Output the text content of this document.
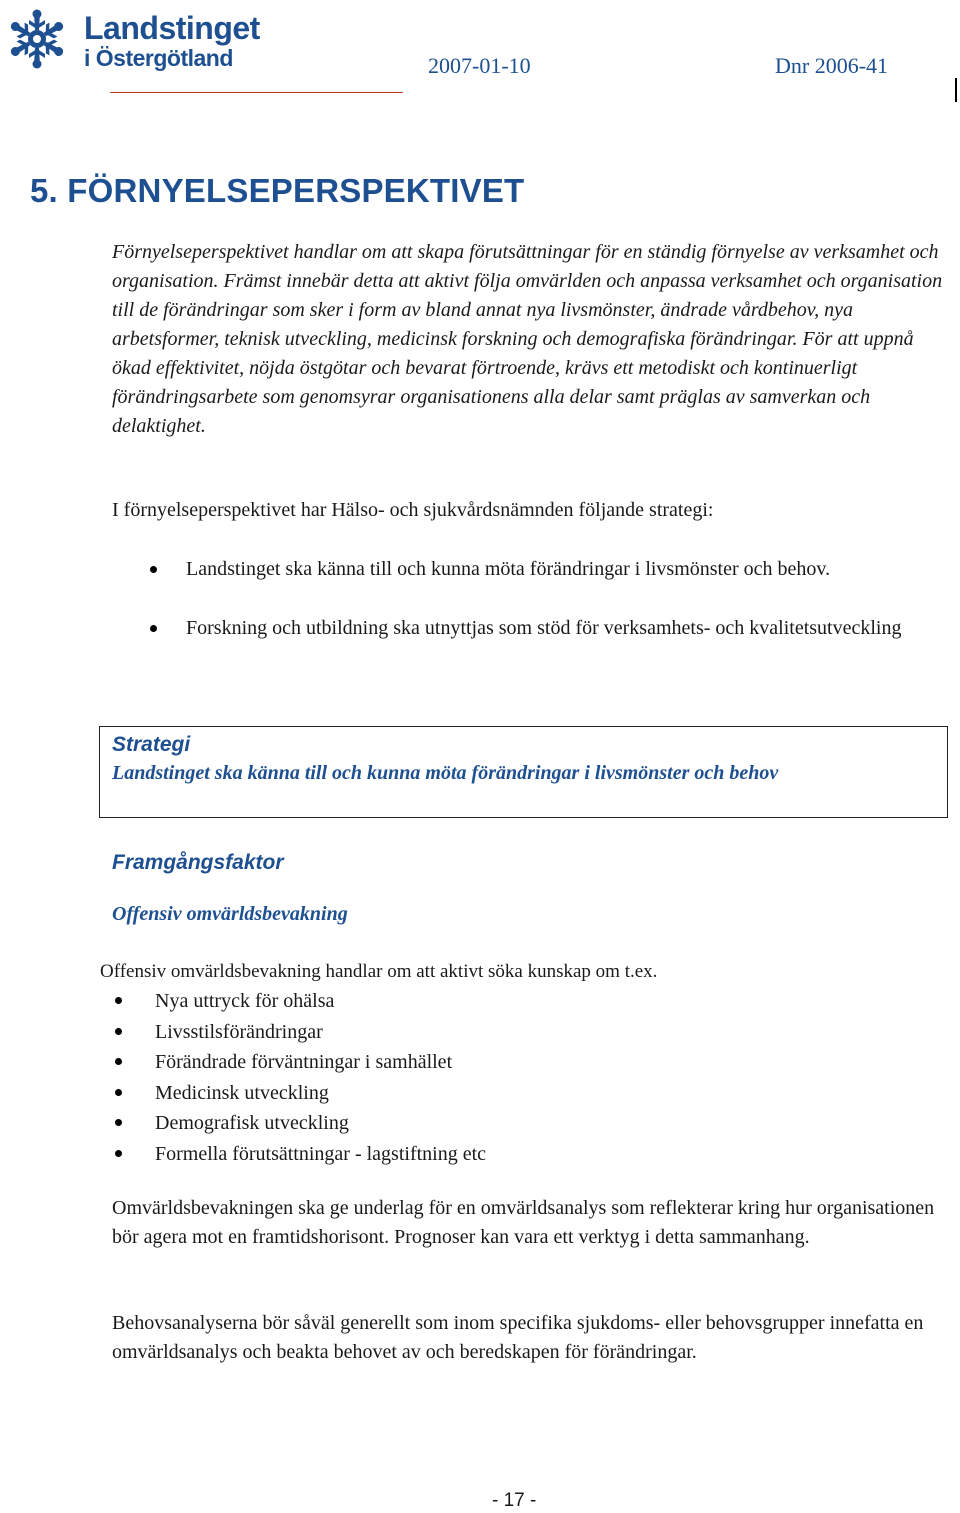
Landstinget
i Östergötland	2007-01-10	Dnr 2006-41
5. FÖRNYELSEPERSPEKTIVET

Förnyelseperspektivet handlar om att skapa förutsättningar för en ständig förnyelse av verksamhet och organisation. Främst innebär detta att aktivt följa omvärlden och anpassa verksamhet och organisation till de förändringar som sker i form av bland annat nya livsmönster, ändrade vårdbehov, nya arbetsformer, teknisk utveckling, medicinsk forskning och demografiska förändringar. För att uppnå ökad effektivitet, nöjda östgötar och bevarat förtroende, krävs ett metodiskt och kontinuerligt förändringsarbete som genomsyrar organisationens alla delar samt präglas av samverkan och delaktighet.

I förnyelseperspektivet har Hälso- och sjukvårdsnämnden följande strategi:

Landstinget ska känna till och kunna möta förändringar i livsmönster och behov.
Forskning och utbildning ska utnyttjas som stöd för verksamhets- och kvalitetsutveckling
Strategi
Landstinget ska känna till och kunna möta förändringar i livsmönster och behov
Framgångsfaktor
Offensiv omvärldsbevakning
Offensiv omvärldsbevakning handlar om att aktivt söka kunskap om t.ex.
Nya uttryck för ohälsa
Livsstilsförändringar
Förändrade förväntningar i samhället
Medicinsk utveckling
Demografisk utveckling
Formella förutsättningar - lagstiftning etc

Omvärldsbevakningen ska ge underlag för en omvärldsanalys som reflekterar kring hur organisationen bör agera mot en framtidshorisont. Prognoser kan vara ett verktyg i detta sammanhang.

Behovsanalyserna bör såväl generellt som inom specifika sjukdoms- eller behovsgrupper innefatta en omvärldsanalys och beakta behovet av och beredskapen för förändringar.

- 17 -
